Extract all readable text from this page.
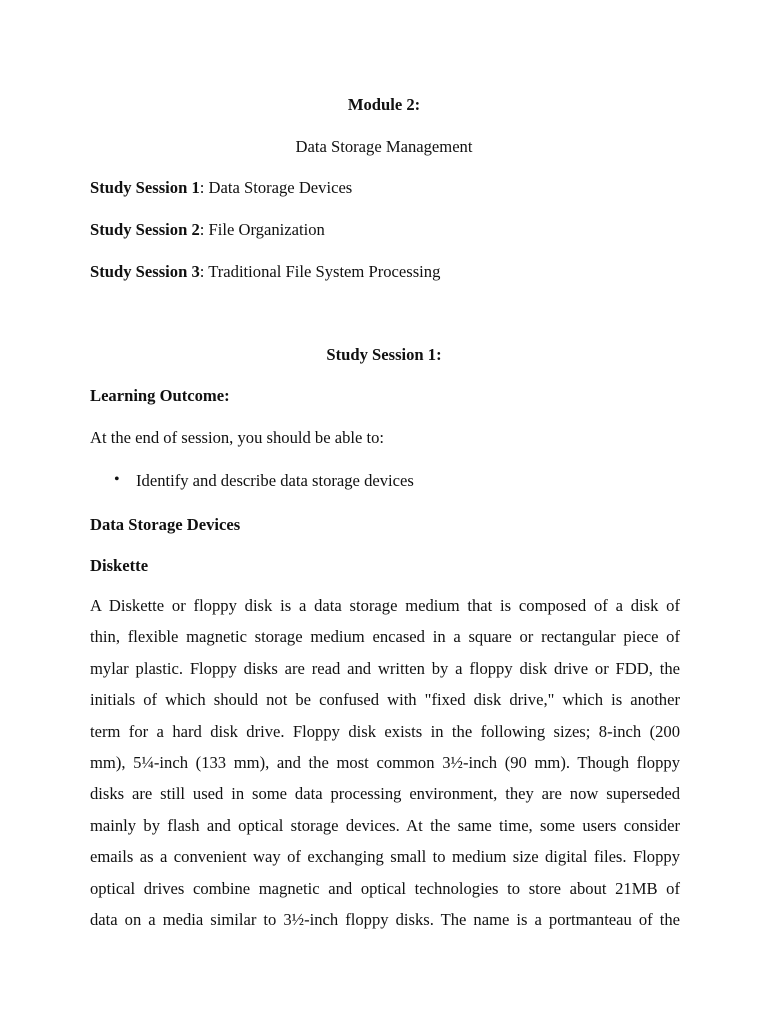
Module 2:
Data Storage Management
Study Session 1: Data Storage Devices
Study Session 2: File Organization
Study Session 3: Traditional File System Processing
Study Session 1:
Learning Outcome:
At the end of session, you should be able to:
• Identify and describe data storage devices
Data Storage Devices
Diskette
A Diskette or floppy disk is a data storage medium that is composed of a disk of
thin, flexible magnetic storage medium encased in a square or rectangular piece of
mylar plastic. Floppy disks are read and written by a floppy disk drive or FDD, the
initials of which should not be confused with "fixed disk drive," which is another
term for a hard disk drive. Floppy disk exists in the following sizes; 8-inch (200
mm), 5¼-inch (133 mm), and the most common 3½-inch (90 mm). Though floppy
disks are still used in some data processing environment, they are now superseded
mainly by flash and optical storage devices. At the same time, some users consider
emails as a convenient way of exchanging small to medium size digital files. Floppy
optical drives combine magnetic and optical technologies to store about 21MB of
data on a media similar to 3½-inch floppy disks. The name is a portmanteau of the
